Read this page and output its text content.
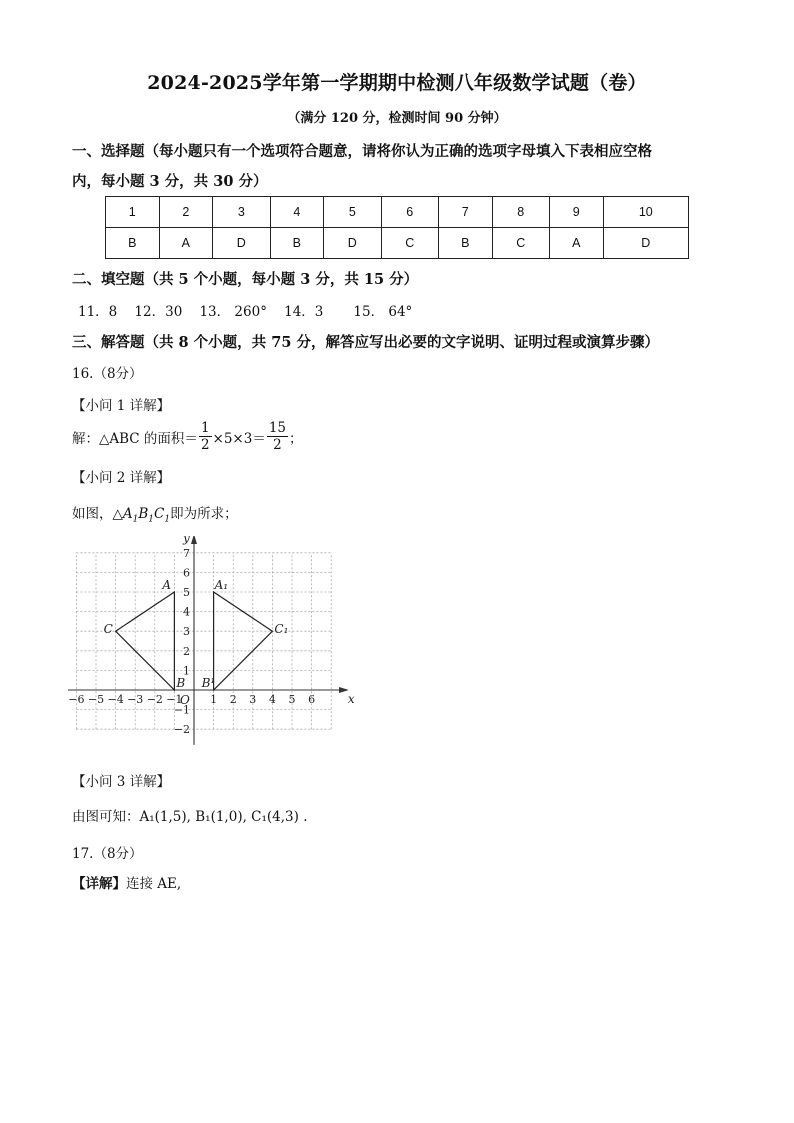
2024-2025学年第一学期期中检测八年级数学试题（卷）
（满分 120 分，检测时间 90 分钟）
一、选择题（每小题只有一个选项符合题意，请将你认为正确的选项字母填入下表相应空格
内，每小题 3 分，共 30 分）
1	2	3	4	5	6	7	8	9	10
B	A	D	B	D	C	B	C	A	D
二、填空题（共 5 个小题，每小题 3 分，共 15 分）
11．8    12．30    13． 260°    14．3       15． 64°
三、解答题（共 8 个小题，共 75 分，解答应写出必要的文字说明、证明过程或演算步骤）
16.（8分）
【小问 1 详解】
解：△ABC 的面积＝ $\frac{1}{2} \times 5\times 3= \frac{15}{2}$ ；
【小问 2 详解】
如图，$\triangle A_1B_1C_1$即为所求；
−6 −5 −4 −3 −2 −1	1 2 3 4 5 6
7
6
5
4
3
2
1
−1
−2
x
y
O
A
B
C
A₁
B¹
C₁
【小问 3 详解】
由图可知：A₁(1,5), B₁(1,0), C₁(4,3) .
17.（8分）
【详解】连接 AE,
